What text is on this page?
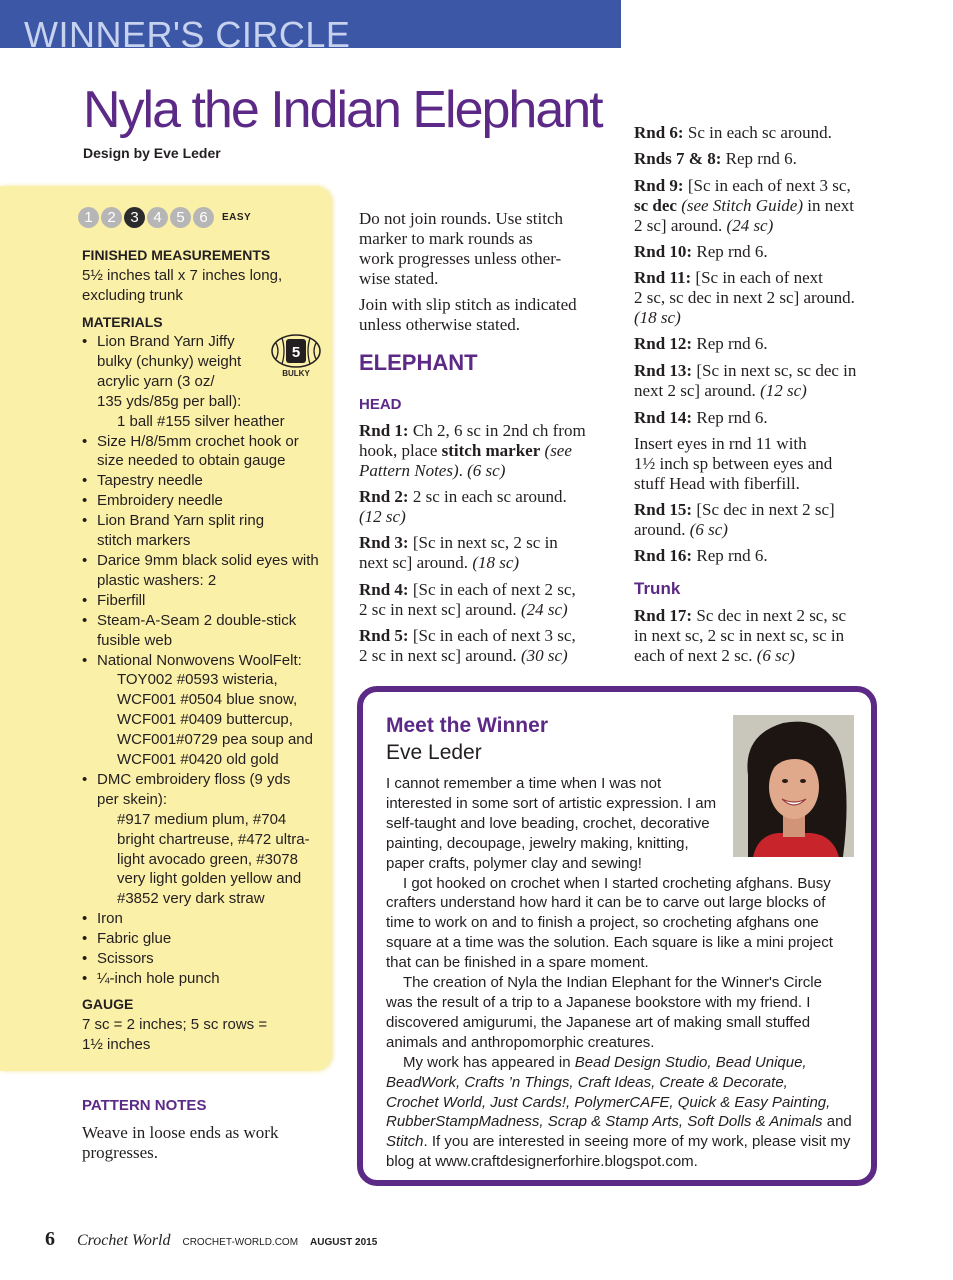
WINNER'S CIRCLE
Nyla the Indian Elephant
Design by Eve Leder
1 2 3 4 5 6	EASY
FINISHED MEASUREMENTS
5½ inches tall x 7 inches long,
excluding trunk
MATERIALS
5
BULKY
• Lion Brand Yarn Jiffy
bulky (chunky) weight
acrylic yarn (3 oz/
135 yds/85g per ball):
1 ball #155 silver heather
• Size H/8/5mm crochet hook or
size needed to obtain gauge
• Tapestry needle
• Embroidery needle
• Lion Brand Yarn split ring
stitch markers
• Darice 9mm black solid eyes with
plastic washers: 2
• Fiberfill
• Steam-A-Seam 2 double-stick
fusible web
• National Nonwovens WoolFelt:
TOY002 #0593 wisteria,
WCF001 #0504 blue snow,
WCF001 #0409 buttercup,
WCF001#0729 pea soup and
WCF001 #0420 old gold
• DMC embroidery floss (9 yds
per skein):
#917 medium plum, #704
bright chartreuse, #472 ultra-
light avocado green, #3078
very light golden yellow and
#3852 very dark straw
• Iron
• Fabric glue
• Scissors
• ¼-inch hole punch
GAUGE
7 sc = 2 inches; 5 sc rows =
1½ inches
PATTERN NOTES
Weave in loose ends as work
progresses.
Do not join rounds. Use stitch
marker to mark rounds as
work progresses unless other-
wise stated.
Join with slip stitch as indicated
unless otherwise stated.
ELEPHANT
HEAD
Rnd 1: Ch 2, 6 sc in 2nd ch from
hook, place stitch marker (see
Pattern Notes). (6 sc)
Rnd 2: 2 sc in each sc around.
(12 sc)
Rnd 3: [Sc in next sc, 2 sc in
next sc] around. (18 sc)
Rnd 4: [Sc in each of next 2 sc,
2 sc in next sc] around. (24 sc)
Rnd 5: [Sc in each of next 3 sc,
2 sc in next sc] around. (30 sc)
Rnd 6: Sc in each sc around.
Rnds 7 & 8: Rep rnd 6.
Rnd 9: [Sc in each of next 3 sc,
sc dec (see Stitch Guide) in next
2 sc] around. (24 sc)
Rnd 10: Rep rnd 6.
Rnd 11: [Sc in each of next
2 sc, sc dec in next 2 sc] around.
(18 sc)
Rnd 12: Rep rnd 6.
Rnd 13: [Sc in next sc, sc dec in
next 2 sc] around. (12 sc)
Rnd 14: Rep rnd 6.
Insert eyes in rnd 11 with
1½ inch sp between eyes and
stuff Head with fiberfill.
Rnd 15: [Sc dec in next 2 sc]
around. (6 sc)
Rnd 16: Rep rnd 6.
Trunk
Rnd 17: Sc dec in next 2 sc, sc
in next sc, 2 sc in next sc, sc in
each of next 2 sc. (6 sc)
Meet the Winner
Eve Leder

I cannot remember a time when I was not
interested in some sort of artistic expression. I am
self-taught and love beading, crochet, decorative
painting, decoupage, jewelry making, knitting,
paper crafts, polymer clay and sewing!

I got hooked on crochet when I started crocheting afghans. Busy
crafters understand how hard it can be to carve out large blocks of
time to work on and to finish a project, so crocheting afghans one
square at a time was the solution. Each square is like a mini project
that can be finished in a spare moment.

The creation of Nyla the Indian Elephant for the Winner's Circle
was the result of a trip to a Japanese bookstore with my friend. I
discovered amigurumi, the Japanese art of making small stuffed
animals and anthropomorphic creatures.

My work has appeared in Bead Design Studio, Bead Unique,
BeadWork, Crafts ’n Things, Craft Ideas, Create & Decorate,
Crochet World, Just Cards!, PolymerCAFE, Quick & Easy Painting,
RubberStampMadness, Scrap & Stamp Arts, Soft Dolls & Animals and
Stitch. If you are interested in seeing more of my work, please visit my
blog at www.craftdesignerforhire.blogspot.com.

6 Crochet World CROCHET-WORLD.COM AUGUST 2015
